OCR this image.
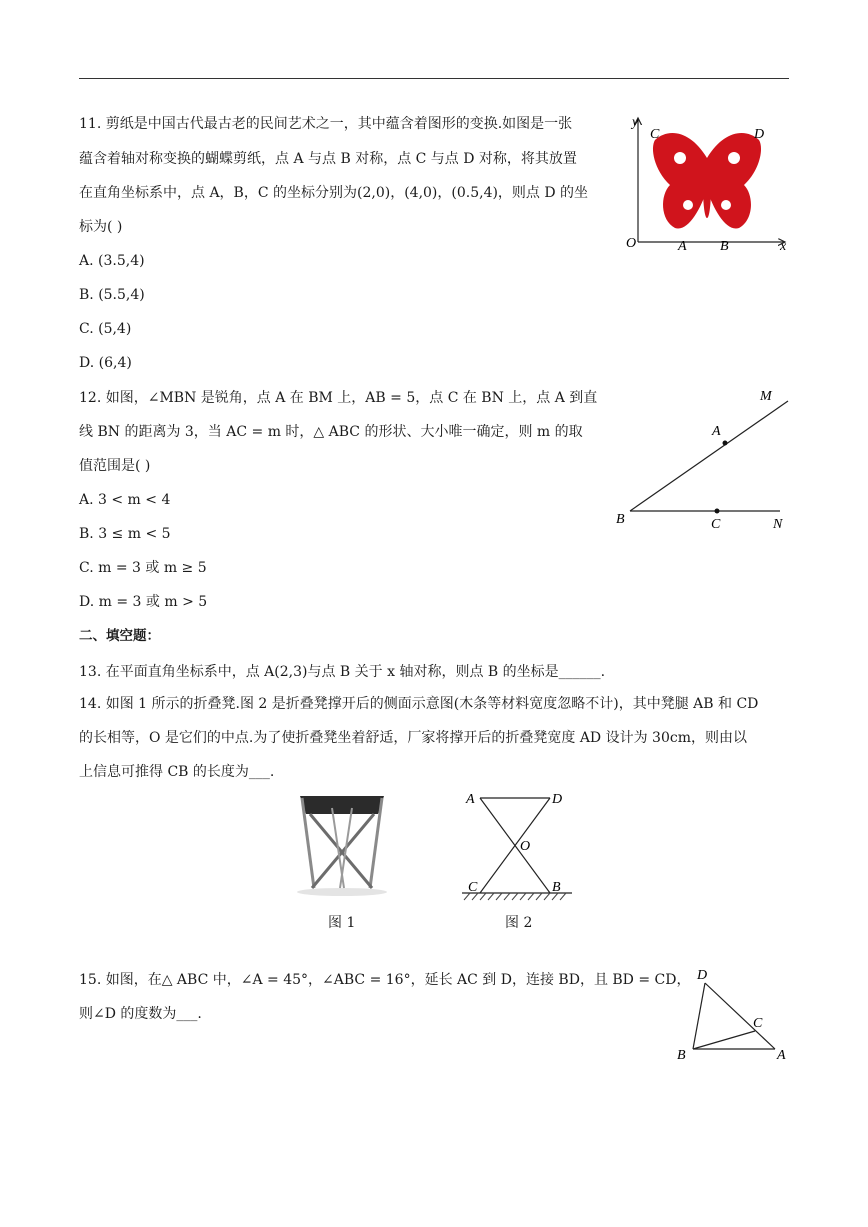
11. 剪纸是中国古代最古老的民间艺术之一，其中蕴含着图形的变换.如图是一张
蕴含着轴对称变换的蝴蝶剪纸，点 A 与点 B 对称，点 C 与点 D 对称，将其放置
在直角坐标系中，点 A，B，C 的坐标分别为(2,0)，(4,0)，(0.5,4)，则点 D 的坐
标为( )
A. (3.5,4)
B. (5.5,4)
C. (5,4)
D. (6,4)
y
x
O	A B
C	D
12. 如图，∠MBN 是锐角，点 A 在 BM 上，AB = 5，点 C 在 BN 上，点 A 到直
线 BN 的距离为 3，当 AC = m 时，△ ABC 的形状、大小唯一确定，则 m 的取
值范围是( )
A. 3 < m < 4
B. 3 ≤ m < 5
C. m = 3 或 m ≥ 5
D. m = 3 或 m > 5
M
A
B	C	N
二、填空题：
13. 在平面直角坐标系中，点 A(2,3)与点 B 关于 x 轴对称，则点 B 的坐标是______.
14. 如图 1 所示的折叠凳.图 2 是折叠凳撑开后的侧面示意图(木条等材料宽度忽略不计)，其中凳腿 AB 和 CD
的长相等，O 是它们的中点.为了使折叠凳坐着舒适，厂家将撑开后的折叠凳宽度 AD 设计为 30cm，则由以
上信息可推得 CB 的长度为___.
图 1
A	D
O
C	B
图 2
15. 如图，在△ ABC 中，∠A = 45°，∠ABC = 16°，延长 AC 到 D，连接 BD，且 BD = CD，
则∠D 的度数为___.
D
C
B	A
